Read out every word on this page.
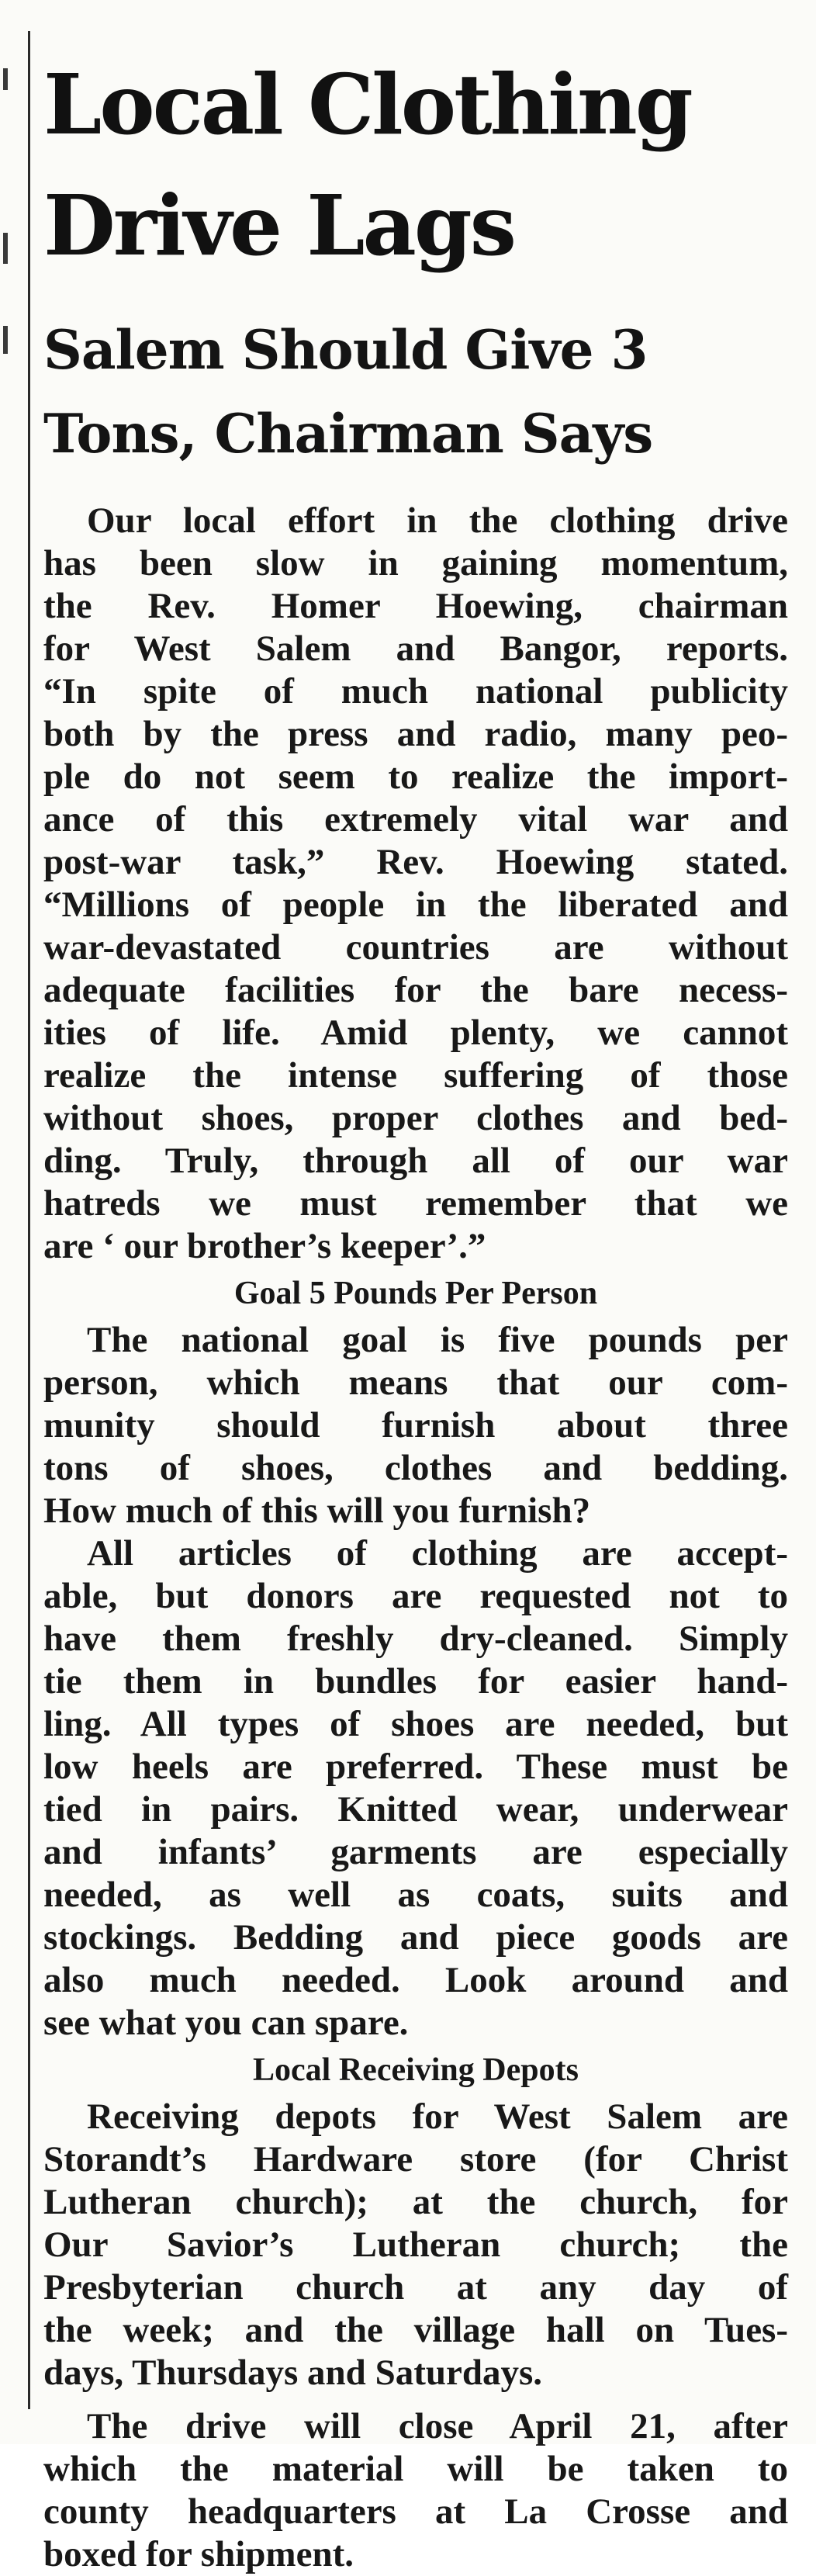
Local Clothing
Drive Lags
Salem Should Give 3
Tons, Chairman Says
Our local effort in the clothing drive
has been slow in gaining momentum,
the Rev. Homer Hoewing, chairman
for West Salem and Bangor, reports.
“In spite of much national publicity
both by the press and radio, many peo-
ple do not seem to realize the import-
ance of this extremely vital war and
post-war task,” Rev. Hoewing stated.
“Millions of people in the liberated and
war-devastated countries are without
adequate facilities for the bare necess-
ities of life. Amid plenty, we cannot
realize the intense suffering of those
without shoes, proper clothes and bed-
ding. Truly, through all of our war
hatreds we must remember that we
are ‘ our brother’s keeper’.”
Goal 5 Pounds Per Person
The national goal is five pounds per
person, which means that our com-
munity should furnish about three
tons of shoes, clothes and bedding.
How much of this will you furnish?
All articles of clothing are accept-
able, but donors are requested not to
have them freshly dry-cleaned. Simply
tie them in bundles for easier hand-
ling. All types of shoes are needed, but
low heels are preferred. These must be
tied in pairs. Knitted wear, underwear
and infants’ garments are especially
needed, as well as coats, suits and
stockings. Bedding and piece goods are
also much needed. Look around and
see what you can spare.
Local Receiving Depots
Receiving depots for West Salem are
Storandt’s Hardware store (for Christ
Lutheran church); at the church, for
Our Savior’s Lutheran church; the
Presbyterian church at any day of
the week; and the village hall on Tues-
days, Thursdays and Saturdays.
The drive will close April 21, after
which the material will be taken to
county headquarters at La Crosse and
boxed for shipment.
